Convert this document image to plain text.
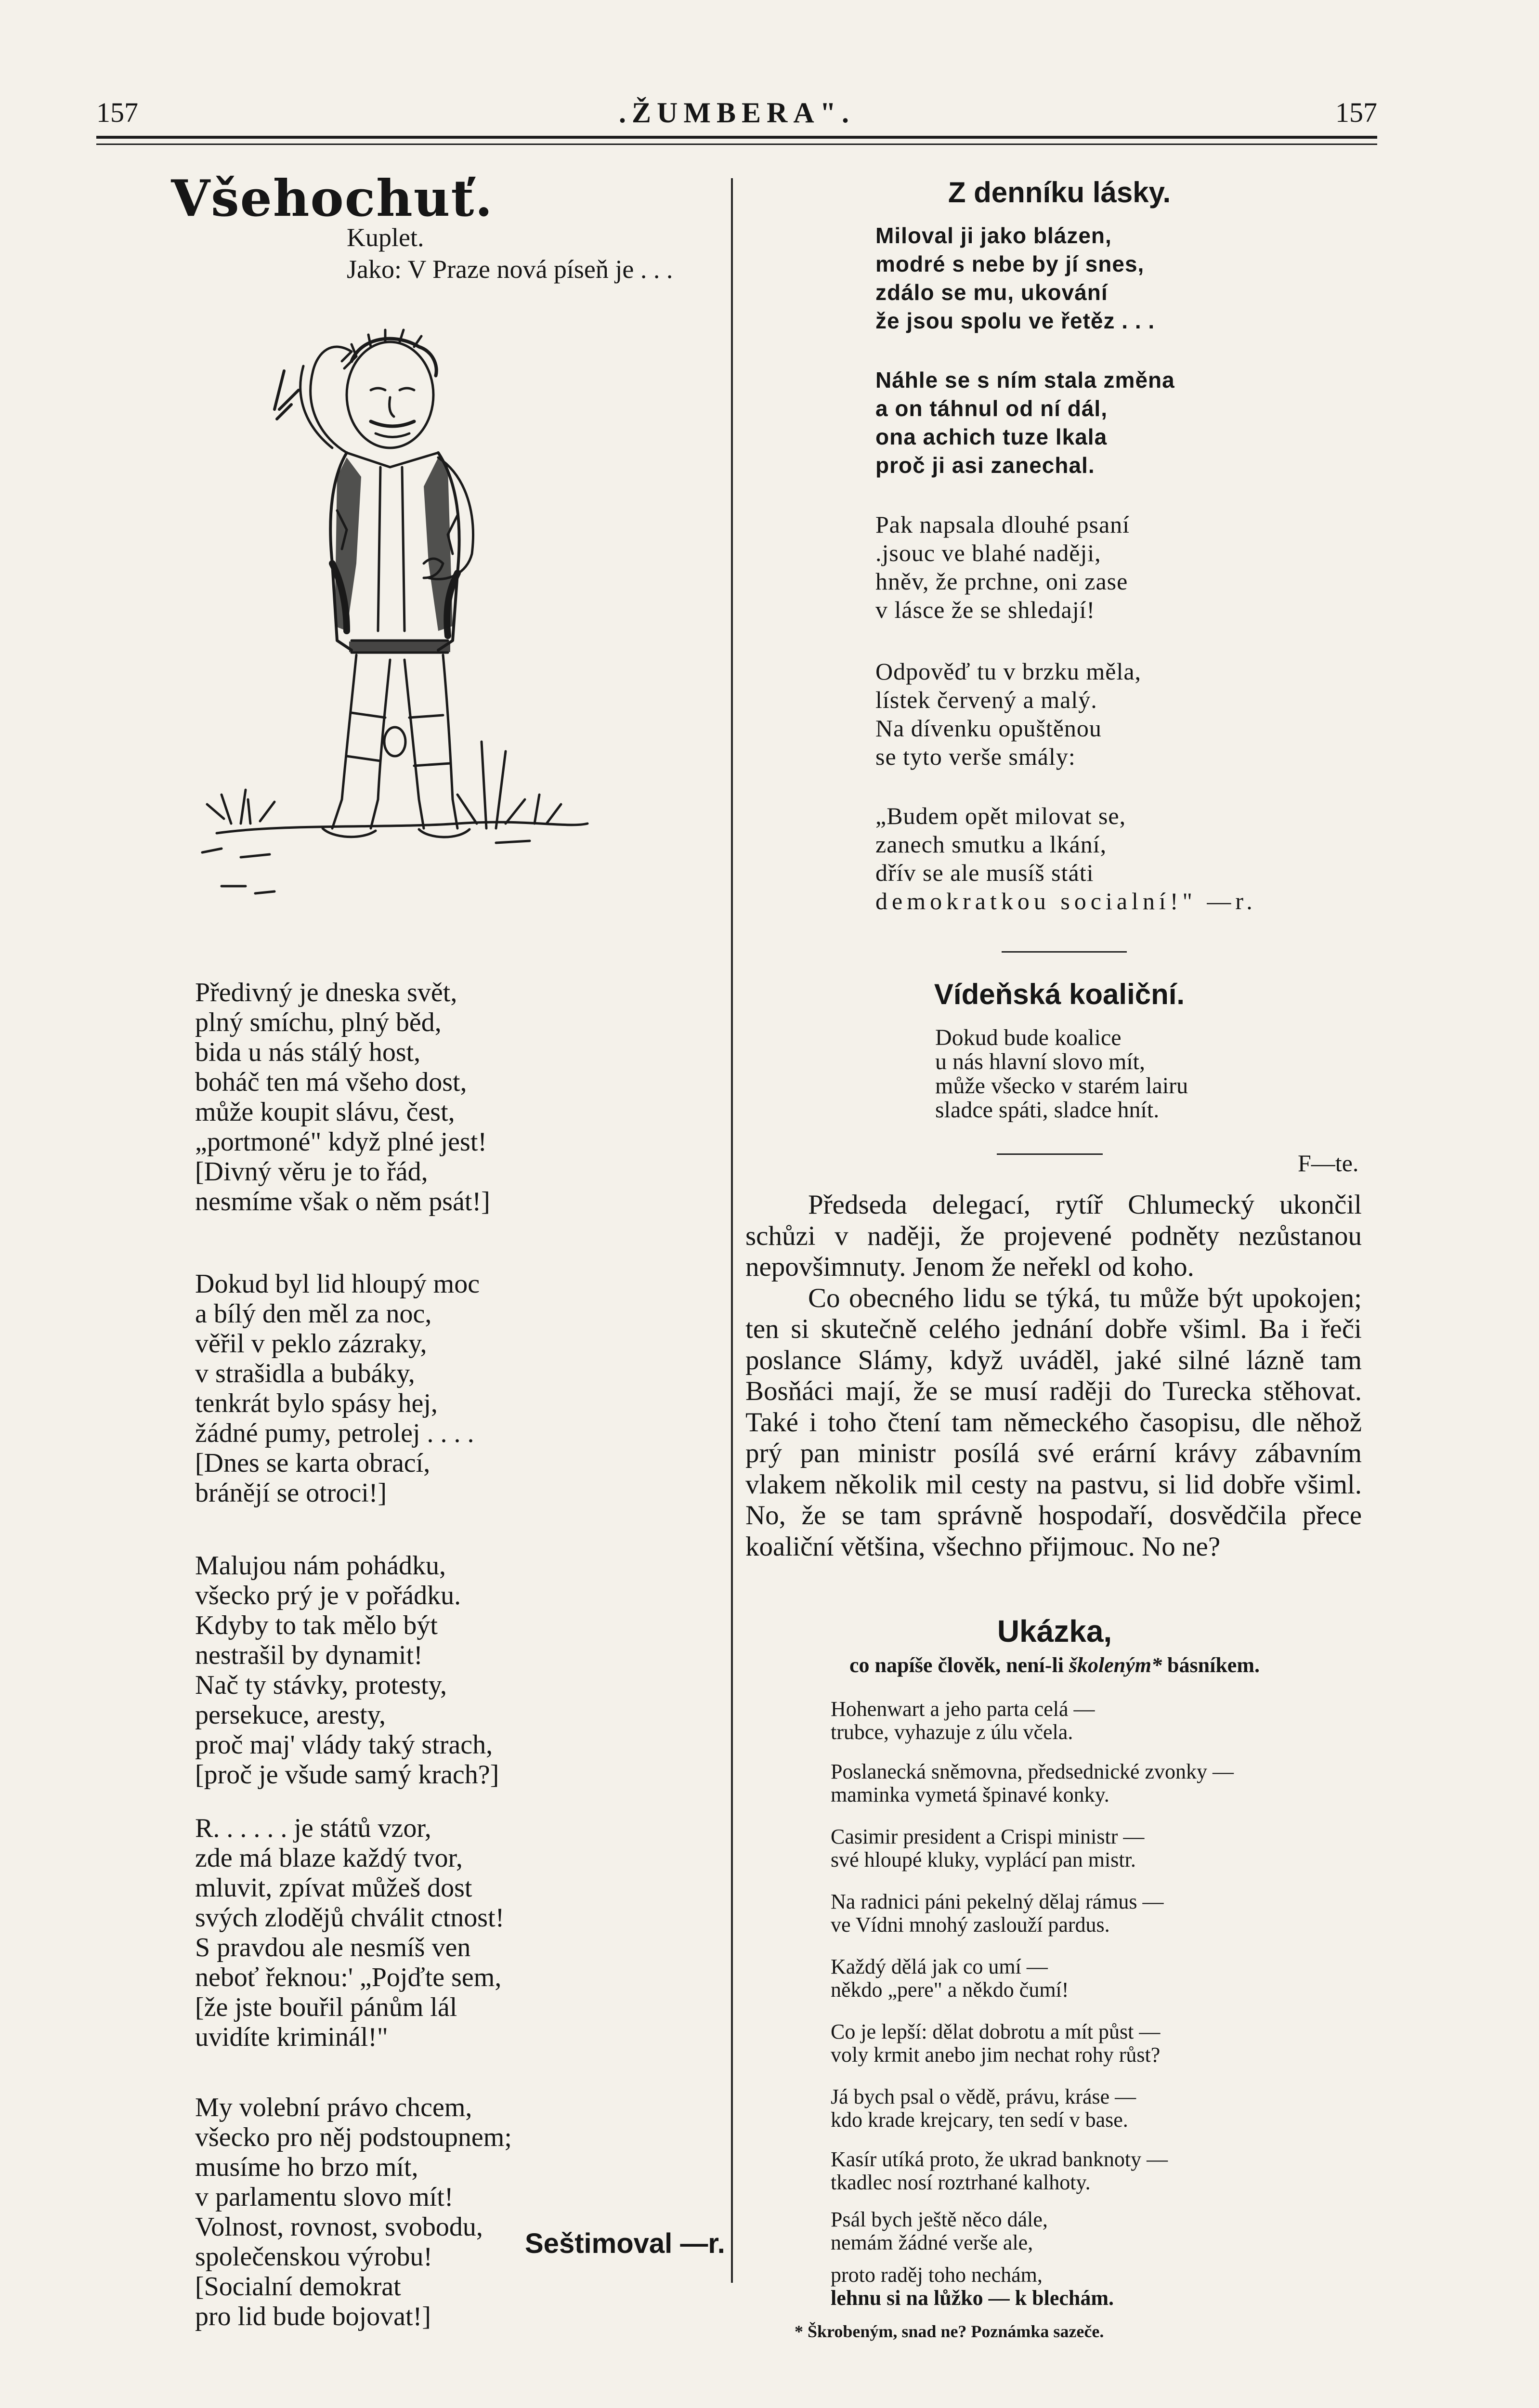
157	.ŽUMBERA".	157
Všehochuť.
Kuplet.
Jako: V Praze nová píseň je . . .
Předivný je dneska svět,
plný smíchu, plný běd,
bida u nás stálý host,
boháč ten má všeho dost,
může koupit slávu, čest,
„portmoné" když plné jest!
[Divný věru je to řád,
nesmíme však o něm psát!]
Dokud byl lid hloupý moc
a bílý den měl za noc,
věřil v peklo zázraky,
v strašidla a bubáky,
tenkrát bylo spásy hej,
žádné pumy, petrolej . . . .
[Dnes se karta obrací,
bránějí se otroci!]
Malujou nám pohádku,
všecko prý je v pořádku.
Kdyby to tak mělo být
nestrašil by dynamit!
Nač ty stávky, protesty,
persekuce, aresty,
proč maj' vlády taký strach,
[proč je všude samý krach?]
R. . . . . . je států vzor,
zde má blaze každý tvor,
mluvit, zpívat můžeš dost
svých zlodějů chválit ctnost!
S pravdou ale nesmíš ven
neboť řeknou:' „Pojďte sem,
[že jste bouřil pánům lál
uvidíte kriminál!"
My volební právo chcem,
všecko pro něj podstoupnem;
musíme ho brzo mít,
v parlamentu slovo mít!
Volnost, rovnost, svobodu,
společenskou výrobu!
[Socialní demokrat
pro lid bude bojovat!]
Seštimoval —r.
Z denníku lásky.
Miloval ji jako blázen,
modré s nebe by jí snes,
zdálo se mu, ukování
že jsou spolu ve řetěz . . .
Náhle se s ním stala změna
a on táhnul od ní dál,
ona achich tuze lkala
proč ji asi zanechal.
Pak napsala dlouhé psaní
.jsouc ve blahé naději,
hněv, že prchne, oni zase
v lásce že se shledají!
Odpověď tu v brzku měla,
lístek červený a malý.
Na dívenku opuštěnou
se tyto verše smály:
„Budem opět milovat se,
zanech smutku a lkání,
dřív se ale musíš státi
demokratkou socialní!" —r.
Vídeňská koaliční.
Dokud bude koalice
u nás hlavní slovo mít,
může všecko v starém lairu
sladce spáti, sladce hnít.
F—te.

Předseda delegací, rytíř Chlumecký ukončil schůzi v naději, že projevené podněty nezůstanou nepovšimnuty. Jenom že neřekl od koho.

Co obecného lidu se týká, tu může být upokojen; ten si skutečně celého jednání dobře všiml. Ba i řeči poslance Slámy, když uváděl, jaké silné lázně tam Bosňáci mají, že se musí raději do Turecka stěhovat. Také i toho čtení tam německého časopisu, dle něhož prý pan ministr posílá své erární krávy zábavním vlakem několik mil cesty na pastvu, si lid dobře všiml. No, že se tam správně hospodaří, dosvědčila přece koaliční většina, všechno přijmouc. No ne?

Ukázka,
co napíše člověk, není-li školeným* básníkem.
Hohenwart a jeho parta celá —
trubce, vyhazuje z úlu včela.
Poslanecká sněmovna, předsednické zvonky —
maminka vymetá špinavé konky.
Casimir president a Crispi ministr —
své hloupé kluky, vyplácí pan mistr.
Na radnici páni pekelný dělaj rámus —
ve Vídni mnohý zaslouží pardus.
Každý dělá jak co umí —
někdo „pere" a někdo čumí!
Co je lepší: dělat dobrotu a mít půst —
voly krmit anebo jim nechat rohy růst?
Já bych psal o vědě, právu, kráse —
kdo krade krejcary, ten sedí v base.
Kasír utíká proto, že ukrad banknoty —
tkadlec nosí roztrhané kalhoty.
Psál bych ještě něco dále,
nemám žádné verše ale,
proto raděj toho nechám,
lehnu si na lůžko — k blechám.
* Škrobeným, snad ne? Poznámka sazeče.
